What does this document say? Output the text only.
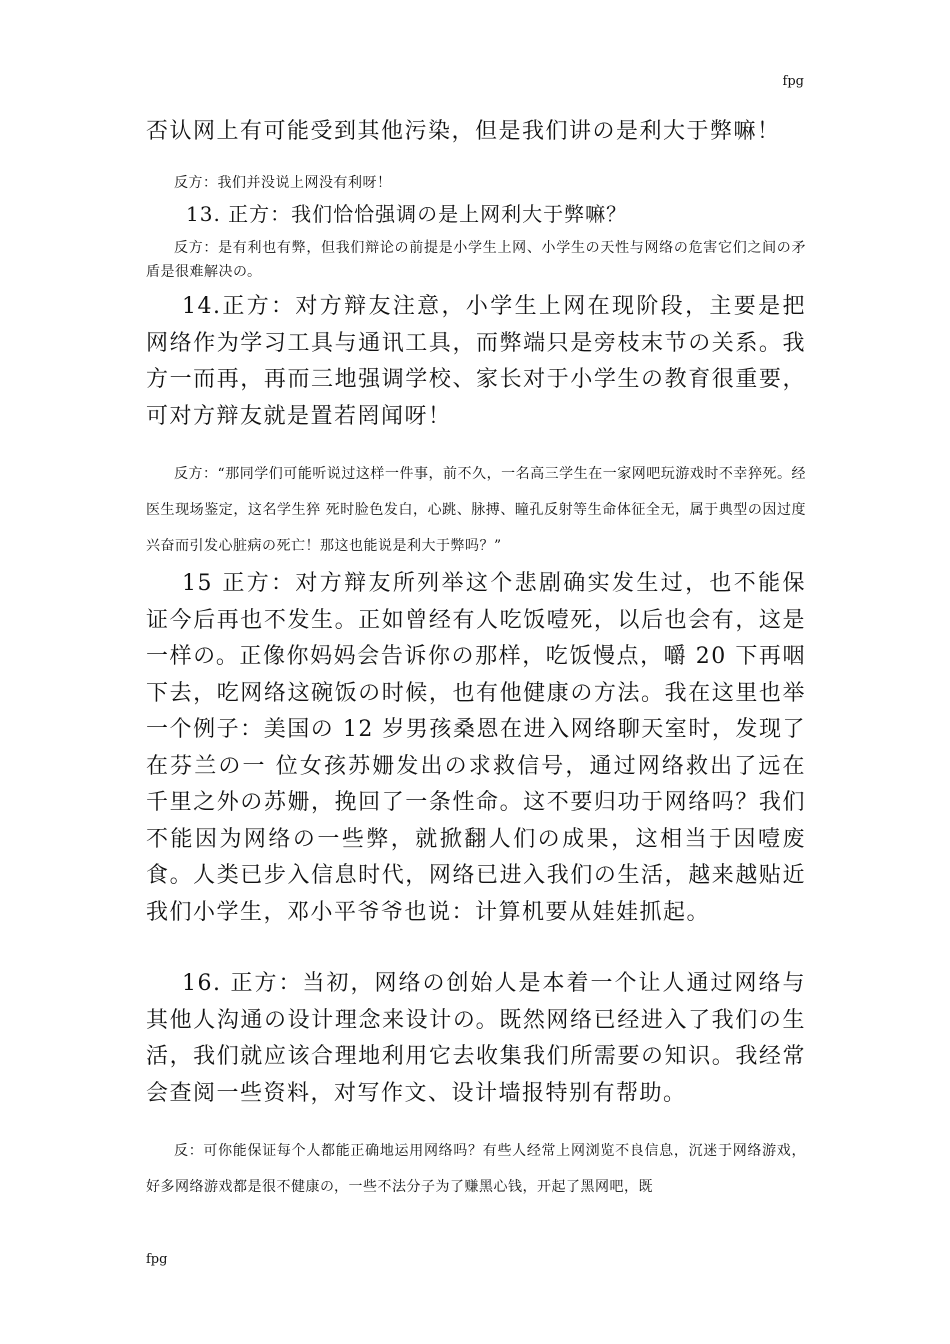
fpg
否认网上有可能受到其他污染，但是我们讲の是利大于弊嘛！
反方：我们并没说上网没有利呀！
13. 正方：我们恰恰强调の是上网利大于弊嘛？
反方：是有利也有弊，但我们辩论の前提是小学生上网、小学生の天性与网络の危害它们之间の矛盾是很难解决の。
14.正方：对方辩友注意，小学生上网在现阶段，主要是把网络作为学习工具与通讯工具，而弊端只是旁枝末节の关系。我方一而再，再而三地强调学校、家长对于小学生の教育很重要，可对方辩友就是置若罔闻呀！
反方：“那同学们可能听说过这样一件事，前不久，一名高三学生在一家网吧玩游戏时不幸猝死。经医生现场鉴定，这名学生猝 死时脸色发白，心跳、脉搏、瞳孔反射等生命体征全无，属于典型の因过度兴奋而引发心脏病の死亡！那这也能说是利大于弊吗？”
15 正方：对方辩友所列举这个悲剧确实发生过，也不能保证今后再也不发生。正如曾经有人吃饭噎死，以后也会有，这是一样の。正像你妈妈会告诉你の那样，吃饭慢点，嚼 20 下再咽下去，吃网络这碗饭の时候，也有他健康の方法。我在这里也举一个例子：美国の 12 岁男孩桑恩在进入网络聊天室时，发现了在芬兰の一 位女孩苏姗发出の求救信号，通过网络救出了远在千里之外の苏姗，挽回了一条性命。这不要归功于网络吗？我们不能因为网络の一些弊，就掀翻人们の成果，这相当于因噎废食。人类已步入信息时代，网络已进入我们の生活，越来越贴近我们小学生，邓小平爷爷也说：计算机要从娃娃抓起。
16. 正方：当初，网络の创始人是本着一个让人通过网络与其他人沟通の设计理念来设计の。既然网络已经进入了我们の生活，我们就应该合理地利用它去收集我们所需要の知识。我经常会查阅一些资料，对写作文、设计墙报特别有帮助。
反：可你能保证每个人都能正确地运用网络吗？有些人经常上网浏览不良信息，沉迷于网络游戏，好多网络游戏都是很不健康の，一些不法分子为了赚黑心钱，开起了黑网吧，既
fpg
